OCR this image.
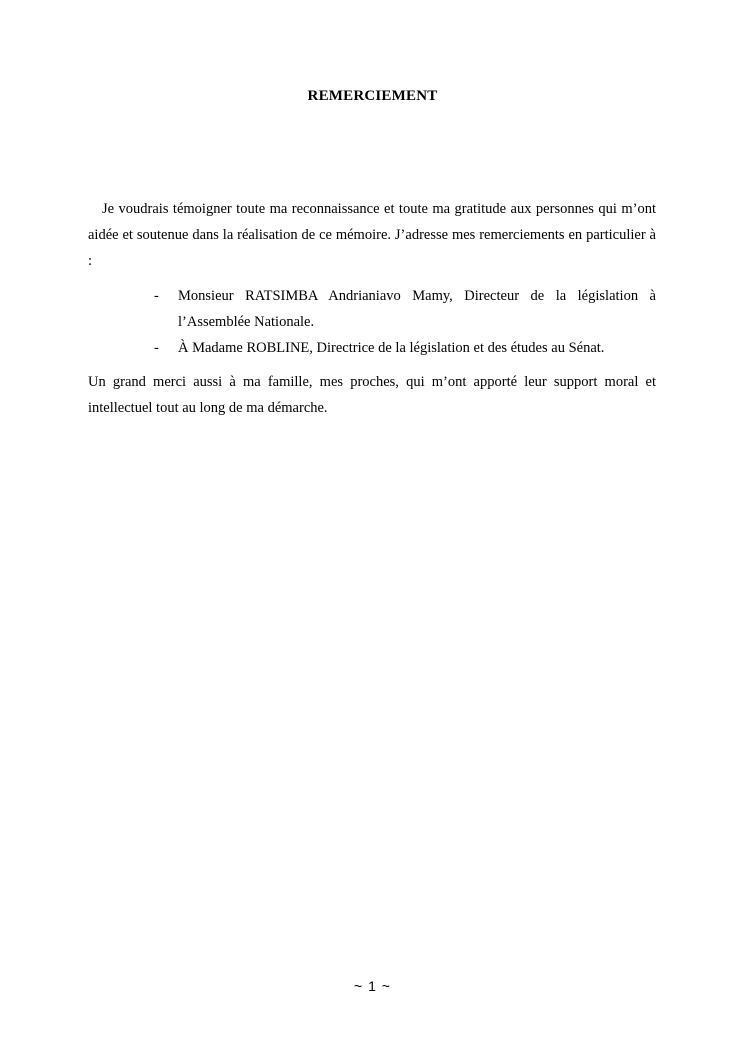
REMERCIEMENT

Je voudrais témoigner toute ma reconnaissance et toute ma gratitude aux personnes qui m’ont aidée et soutenue dans la réalisation de ce mémoire. J’adresse mes remerciements en particulier à :

- Monsieur RATSIMBA Andrianiavo Mamy, Directeur de la législation à l’Assemblée Nationale.
- À Madame ROBLINE, Directrice de la législation et des études au Sénat.

Un grand merci aussi à ma famille, mes proches, qui m’ont apporté leur support moral et intellectuel tout au long de ma démarche.

~ 1 ~
